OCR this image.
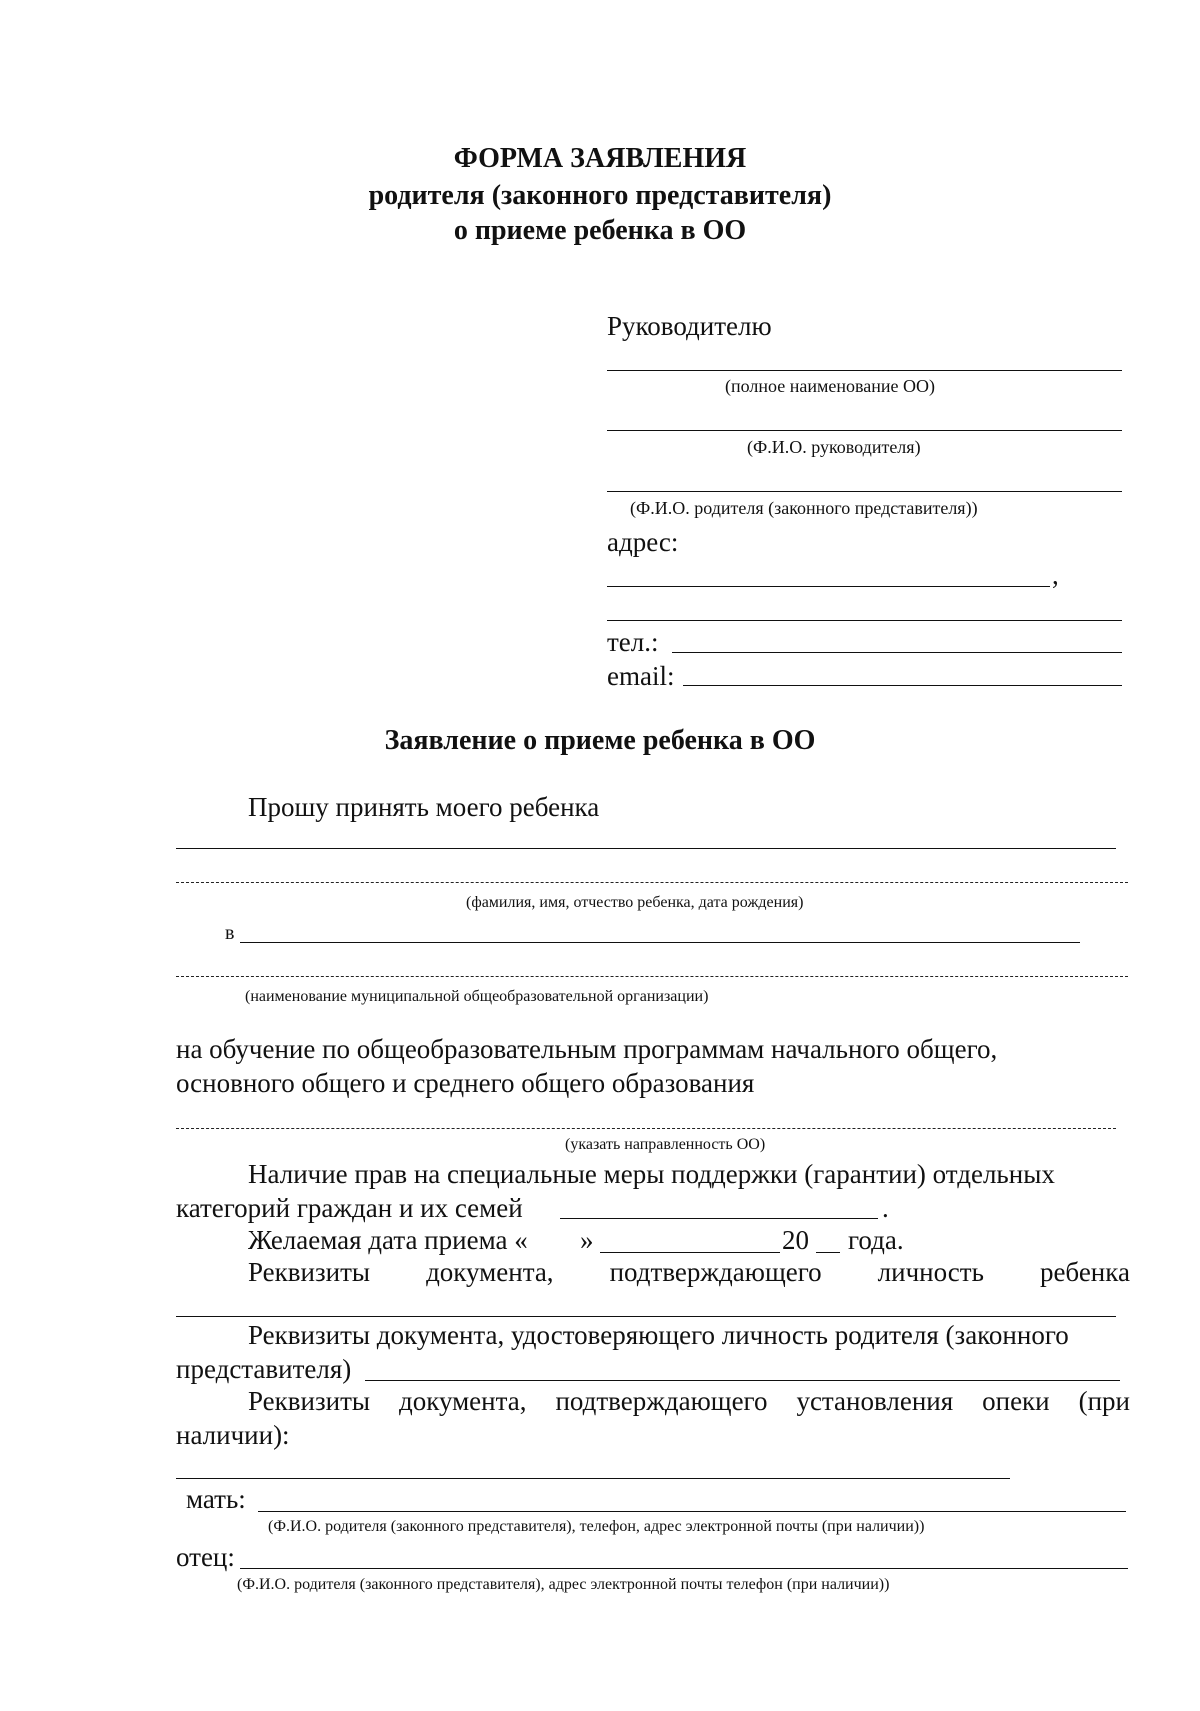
ФОРМА ЗАЯВЛЕНИЯ
родителя (законного представителя)
о приеме ребенка в ОО
Руководителю
(полное наименование ОО)
(Ф.И.О. руководителя)
(Ф.И.О. родителя (законного представителя))
адрес:
,
тел.:
email:
Заявление о приеме ребенка в ОО
Прошу принять моего ребенка
(фамилия, имя, отчество ребенка, дата рождения)
в
(наименование муниципальной общеобразовательной организации)
на обучение по общеобразовательным программам начального общего,
основного общего и среднего общего образования
(указать направленность ОО)
Наличие прав на специальные меры поддержки (гарантии) отдельных
категорий граждан и их семей	.
Желаемая дата приема « »	20 года.
Реквизиты документа, подтверждающего личность ребенка
Реквизиты документа, удостоверяющего личность родителя (законного
представителя)
Реквизиты документа, подтверждающего установления опеки (при
наличии):
мать:
(Ф.И.О. родителя (законного представителя), телефон, адрес электронной почты (при наличии))
отец:
(Ф.И.О. родителя (законного представителя), адрес электронной почты телефон (при наличии))
